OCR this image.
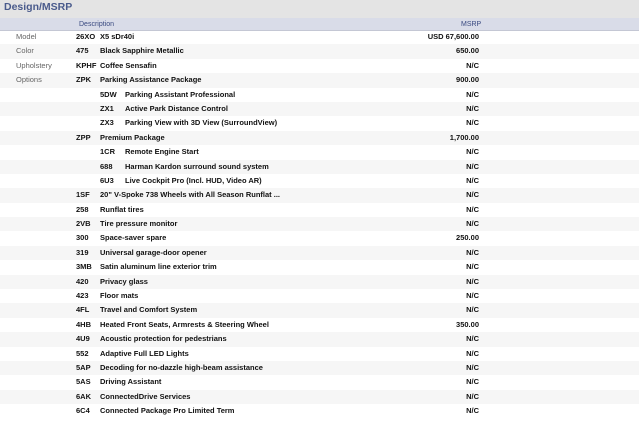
Design/MSRP
Description	MSRP
Model	26XO X5 sDr40i	USD 67,600.00
Color	475 Black Sapphire Metallic	650.00
Upholstery	KPHF Coffee Sensafin	N/C
Options	ZPK Parking Assistance Package	900.00
5DW Parking Assistant Professional	N/C
ZX1 Active Park Distance Control	N/C
ZX3 Parking View with 3D View (SurroundView)	N/C
ZPP Premium Package	1,700.00
1CR Remote Engine Start	N/C
688 Harman Kardon surround sound system	N/C
6U3 Live Cockpit Pro (Incl. HUD, Video AR)	N/C
1SF 20" V-Spoke 738 Wheels with All Season Runflat ...	N/C
258 Runflat tires	N/C
2VB Tire pressure monitor	N/C
300 Space-saver spare	250.00
319 Universal garage-door opener	N/C
3MB Satin aluminum line exterior trim	N/C
420 Privacy glass	N/C
423 Floor mats	N/C
4FL Travel and Comfort System	N/C
4HB Heated Front Seats, Armrests & Steering Wheel	350.00
4U9 Acoustic protection for pedestrians	N/C
552 Adaptive Full LED Lights	N/C
5AP Decoding for no-dazzle high-beam assistance	N/C
5AS Driving Assistant	N/C
6AK ConnectedDrive Services	N/C
6C4 Connected Package Pro Limited Term	N/C
